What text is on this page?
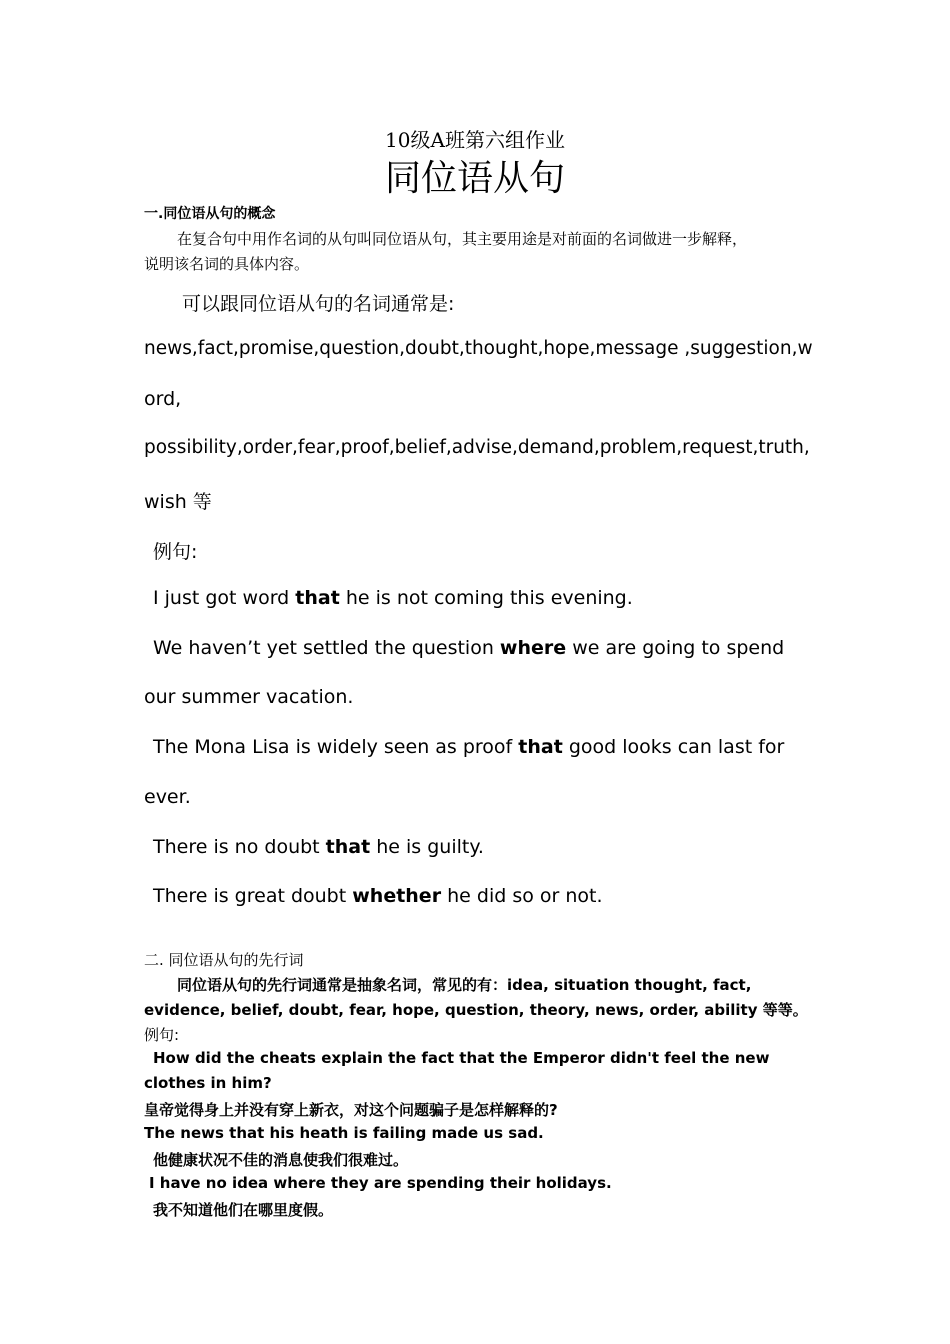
10级A班第六组作业
同位语从句
一.同位语从句的概念
在复合句中用作名词的从句叫同位语从句，其主要用途是对前面的名词做进一步解释，
说明该名词的具体内容。
可以跟同位语从句的名词通常是:
news,fact,promise,question,doubt,thought,hope,message ,suggestion,w
ord,
possibility,order,fear,proof,belief,advise,demand,problem,request,truth,
wish 等
例句:
I just got word that he is not coming this evening.
We haven’t yet settled the question where we are going to spend
our summer vacation.
The Mona Lisa is widely seen as proof that good looks can last for
ever.
There is no doubt that he is guilty.
There is great doubt whether he did so or not.
二. 同位语从句的先行词
同位语从句的先行词通常是抽象名词，常见的有：idea, situation thought, fact,
evidence, belief, doubt, fear, hope, question, theory, news, order, ability 等等。
例句:
How did the cheats explain the fact that the Emperor didn't feel the new
clothes in him?
皇帝觉得身上并没有穿上新衣，对这个问题骗子是怎样解释的?
The news that his heath is failing made us sad.
他健康状况不佳的消息使我们很难过。
I have no idea where they are spending their holidays.
我不知道他们在哪里度假。
